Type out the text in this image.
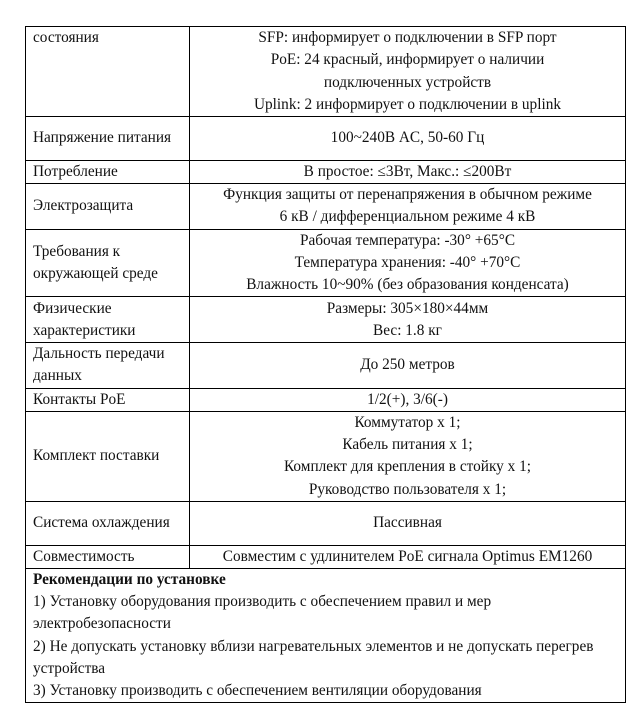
состояния	SFP: информирует о подключении в SFP порт
PoE: 24 красный, информирует о наличии
подключенных устройств
Uplink: 2 информирует о подключении в uplink

Напряжение питания	100~240В AC, 50-60 Гц

Потребление	В простое: ≤3Вт, Макс.: ≤200Вт

Электрозащита	Функция защиты от перенапряжения в обычном режиме
6 кВ / дифференциальном режиме 4 кВ

Требования к окружающей среде	Рабочая температура: -30° +65°C
Температура хранения: -40° +70°C
Влажность 10~90% (без образования конденсата)

Физические характеристики	Размеры: 305×180×44мм
Вес: 1.8 кг

Дальность передачи данных	До 250 метров

Контакты PoE	1/2(+), 3/6(-)

Комплект поставки	Коммутатор x 1;
Кабель питания x 1;
Комплект для крепления в стойку x 1;
Руководство пользователя x 1;

Система охлаждения	Пассивная

Совместимость	Совместим с удлинителем PoE сигнала Optimus EM1260

Рекомендации по установке
1) Установку оборудования производить с обеспечением правил и мер электробезопасности
2) Не допускать установку вблизи нагревательных элементов и не допускать перегрев устройства
3) Установку производить с обеспечением вентиляции оборудования	
